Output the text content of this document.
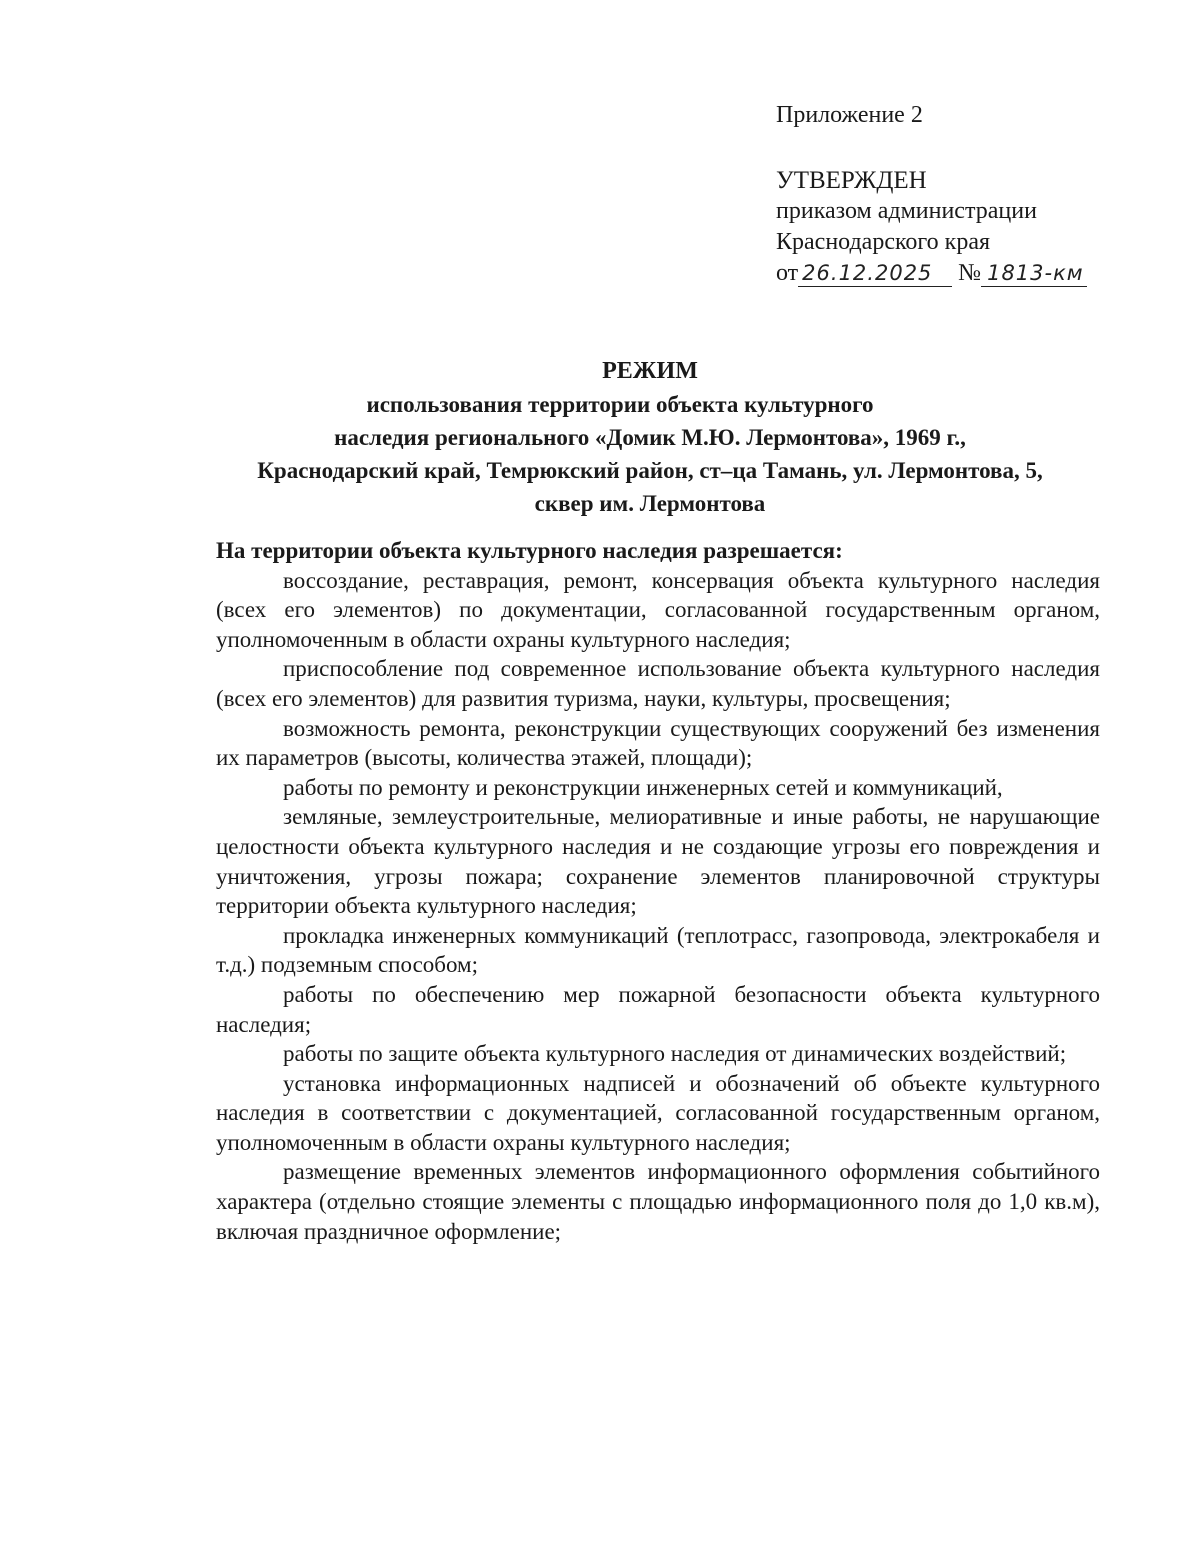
Приложение 2
УТВЕРЖДЕН
приказом администрации
Краснодарского края
от 26.12.2025 № 1813-км
РЕЖИМ
использования территории объекта культурного
наследия регионального «Домик М.Ю. Лермонтова», 1969 г.,
Краснодарский край, Темрюкский район, ст–ца Тамань, ул. Лермонтова, 5,
сквер им. Лермонтова
На территории объекта культурного наследия разрешается:

воссоздание, реставрация, ремонт, консервация объекта культурного наследия (всех его элементов) по документации, согласованной государственным органом, уполномоченным в области охраны культурного наследия;

приспособление под современное использование объекта культурного наследия (всех его элементов) для развития туризма, науки, культуры, просвещения;

возможность ремонта, реконструкции существующих сооружений без изменения их параметров (высоты, количества этажей, площади);

работы по ремонту и реконструкции инженерных сетей и коммуникаций,

земляные, землеустроительные, мелиоративные и иные работы, не нарушающие целостности объекта культурного наследия и не создающие угрозы его повреждения и уничтожения, угрозы пожара; сохранение элементов планировочной структуры территории объекта культурного наследия;

прокладка инженерных коммуникаций (теплотрасс, газопровода, электрокабеля и т.д.) подземным способом;

работы по обеспечению мер пожарной безопасности объекта культурного наследия;

работы по защите объекта культурного наследия от динамических воздействий;

установка информационных надписей и обозначений об объекте культурного наследия в соответствии с документацией, согласованной государственным органом, уполномоченным в области охраны культурного наследия;

размещение временных элементов информационного оформления событийного характера (отдельно стоящие элементы с площадью информационного поля до 1,0 кв.м), включая праздничное оформление;
